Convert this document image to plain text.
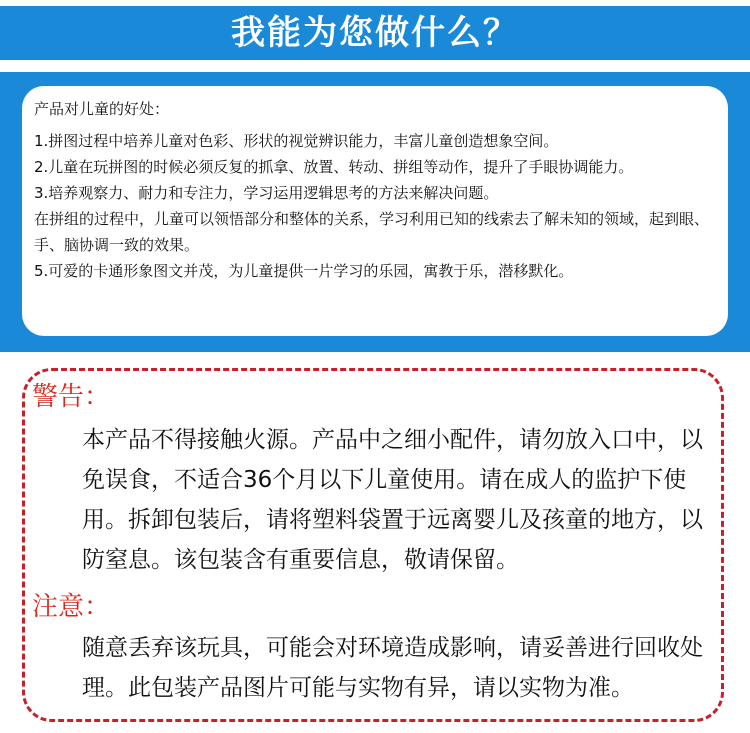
我能为您做什么？
产品对儿童的好处：
1.拼图过程中培养儿童对色彩、形状的视觉辨识能力，丰富儿童创造想象空间。
2.儿童在玩拼图的时候必须反复的抓拿、放置、转动、拼组等动作，提升了手眼协调能力。
3.培养观察力、耐力和专注力，学习运用逻辑思考的方法来解决问题。
在拼组的过程中，儿童可以领悟部分和整体的关系，学习利用已知的线索去了解未知的领域，起到眼、手、脑协调一致的效果。
5.可爱的卡通形象图文并茂，为儿童提供一片学习的乐园，寓教于乐，潜移默化。
警告：
本产品不得接触火源。产品中之细小配件，请勿放入口中，以免误食，不适合36个月以下儿童使用。请在成人的监护下使用。拆卸包装后，请将塑料袋置于远离婴儿及孩童的地方，以防窒息。该包装含有重要信息，敬请保留。
注意：
随意丢弃该玩具，可能会对环境造成影响，请妥善进行回收处理。此包装产品图片可能与实物有异，请以实物为准。
